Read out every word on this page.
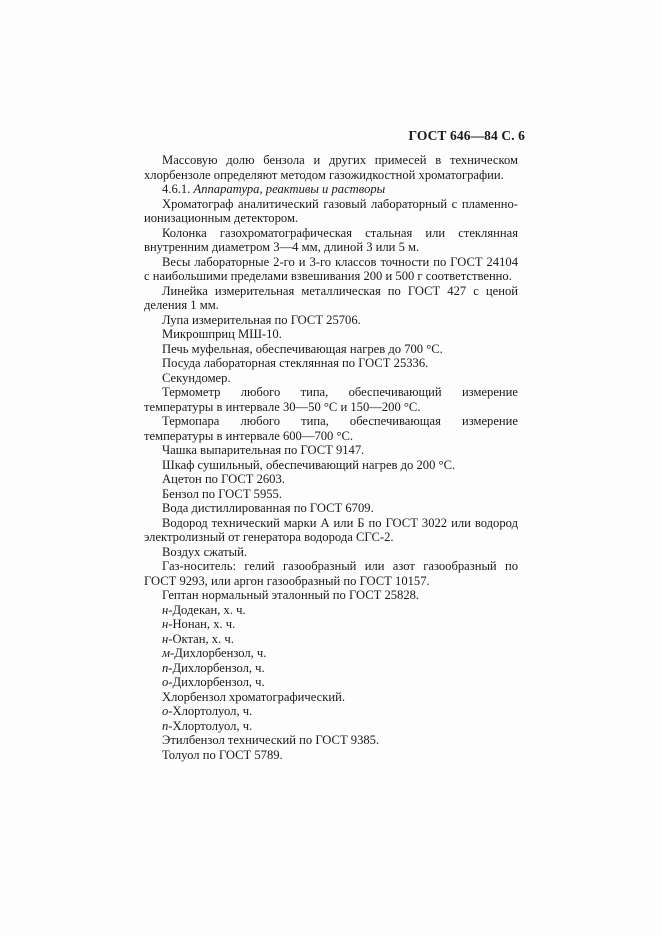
ГОСТ 646—84 С. 6

Массовую долю бензола и других примесей в техническом хлорбензоле определяют методом газожидкостной хроматографии.

4.6.1. Аппаратура, реактивы и растворы

Хроматограф аналитический газовый лабораторный с пламенно-ионизационным детектором.

Колонка газохроматографическая стальная или стеклянная внутренним диаметром 3—4 мм, длиной 3 или 5 м.

Весы лабораторные 2-го и 3-го классов точности по ГОСТ 24104 с наибольшими пределами взвешивания 200 и 500 г соответственно.

Линейка измерительная металлическая по ГОСТ 427 с ценой деления 1 мм.

Лупа измерительная по ГОСТ 25706.

Микрошприц МШ-10.

Печь муфельная, обеспечивающая нагрев до 700 °С.

Посуда лабораторная стеклянная по ГОСТ 25336.

Секундомер.

Термометр любого типа, обеспечивающий измерение температуры в интервале 30—50 °С и 150—200 °С.

Термопара любого типа, обеспечивающая измерение температуры в интервале 600—700 °С.

Чашка выпарительная по ГОСТ 9147.

Шкаф сушильный, обеспечивающий нагрев до 200 °С.

Ацетон по ГОСТ 2603.

Бензол по ГОСТ 5955.

Вода дистиллированная по ГОСТ 6709.

Водород технический марки А или Б по ГОСТ 3022 или водород электролизный от генератора водорода СГС-2.

Воздух сжатый.

Газ-носитель: гелий газообразный или азот газообразный по ГОСТ 9293, или аргон газообразный по ГОСТ 10157.

Гептан нормальный эталонный по ГОСТ 25828.

н-Додекан, х. ч.

н-Нонан, х. ч.

н-Октан, х. ч.

м-Дихлорбензол, ч.

п-Дихлорбензол, ч.

о-Дихлорбензол, ч.

Хлорбензол хроматографический.

о-Хлортолуол, ч.

п-Хлортолуол, ч.

Этилбензол технический по ГОСТ 9385.

Толуол по ГОСТ 5789.
